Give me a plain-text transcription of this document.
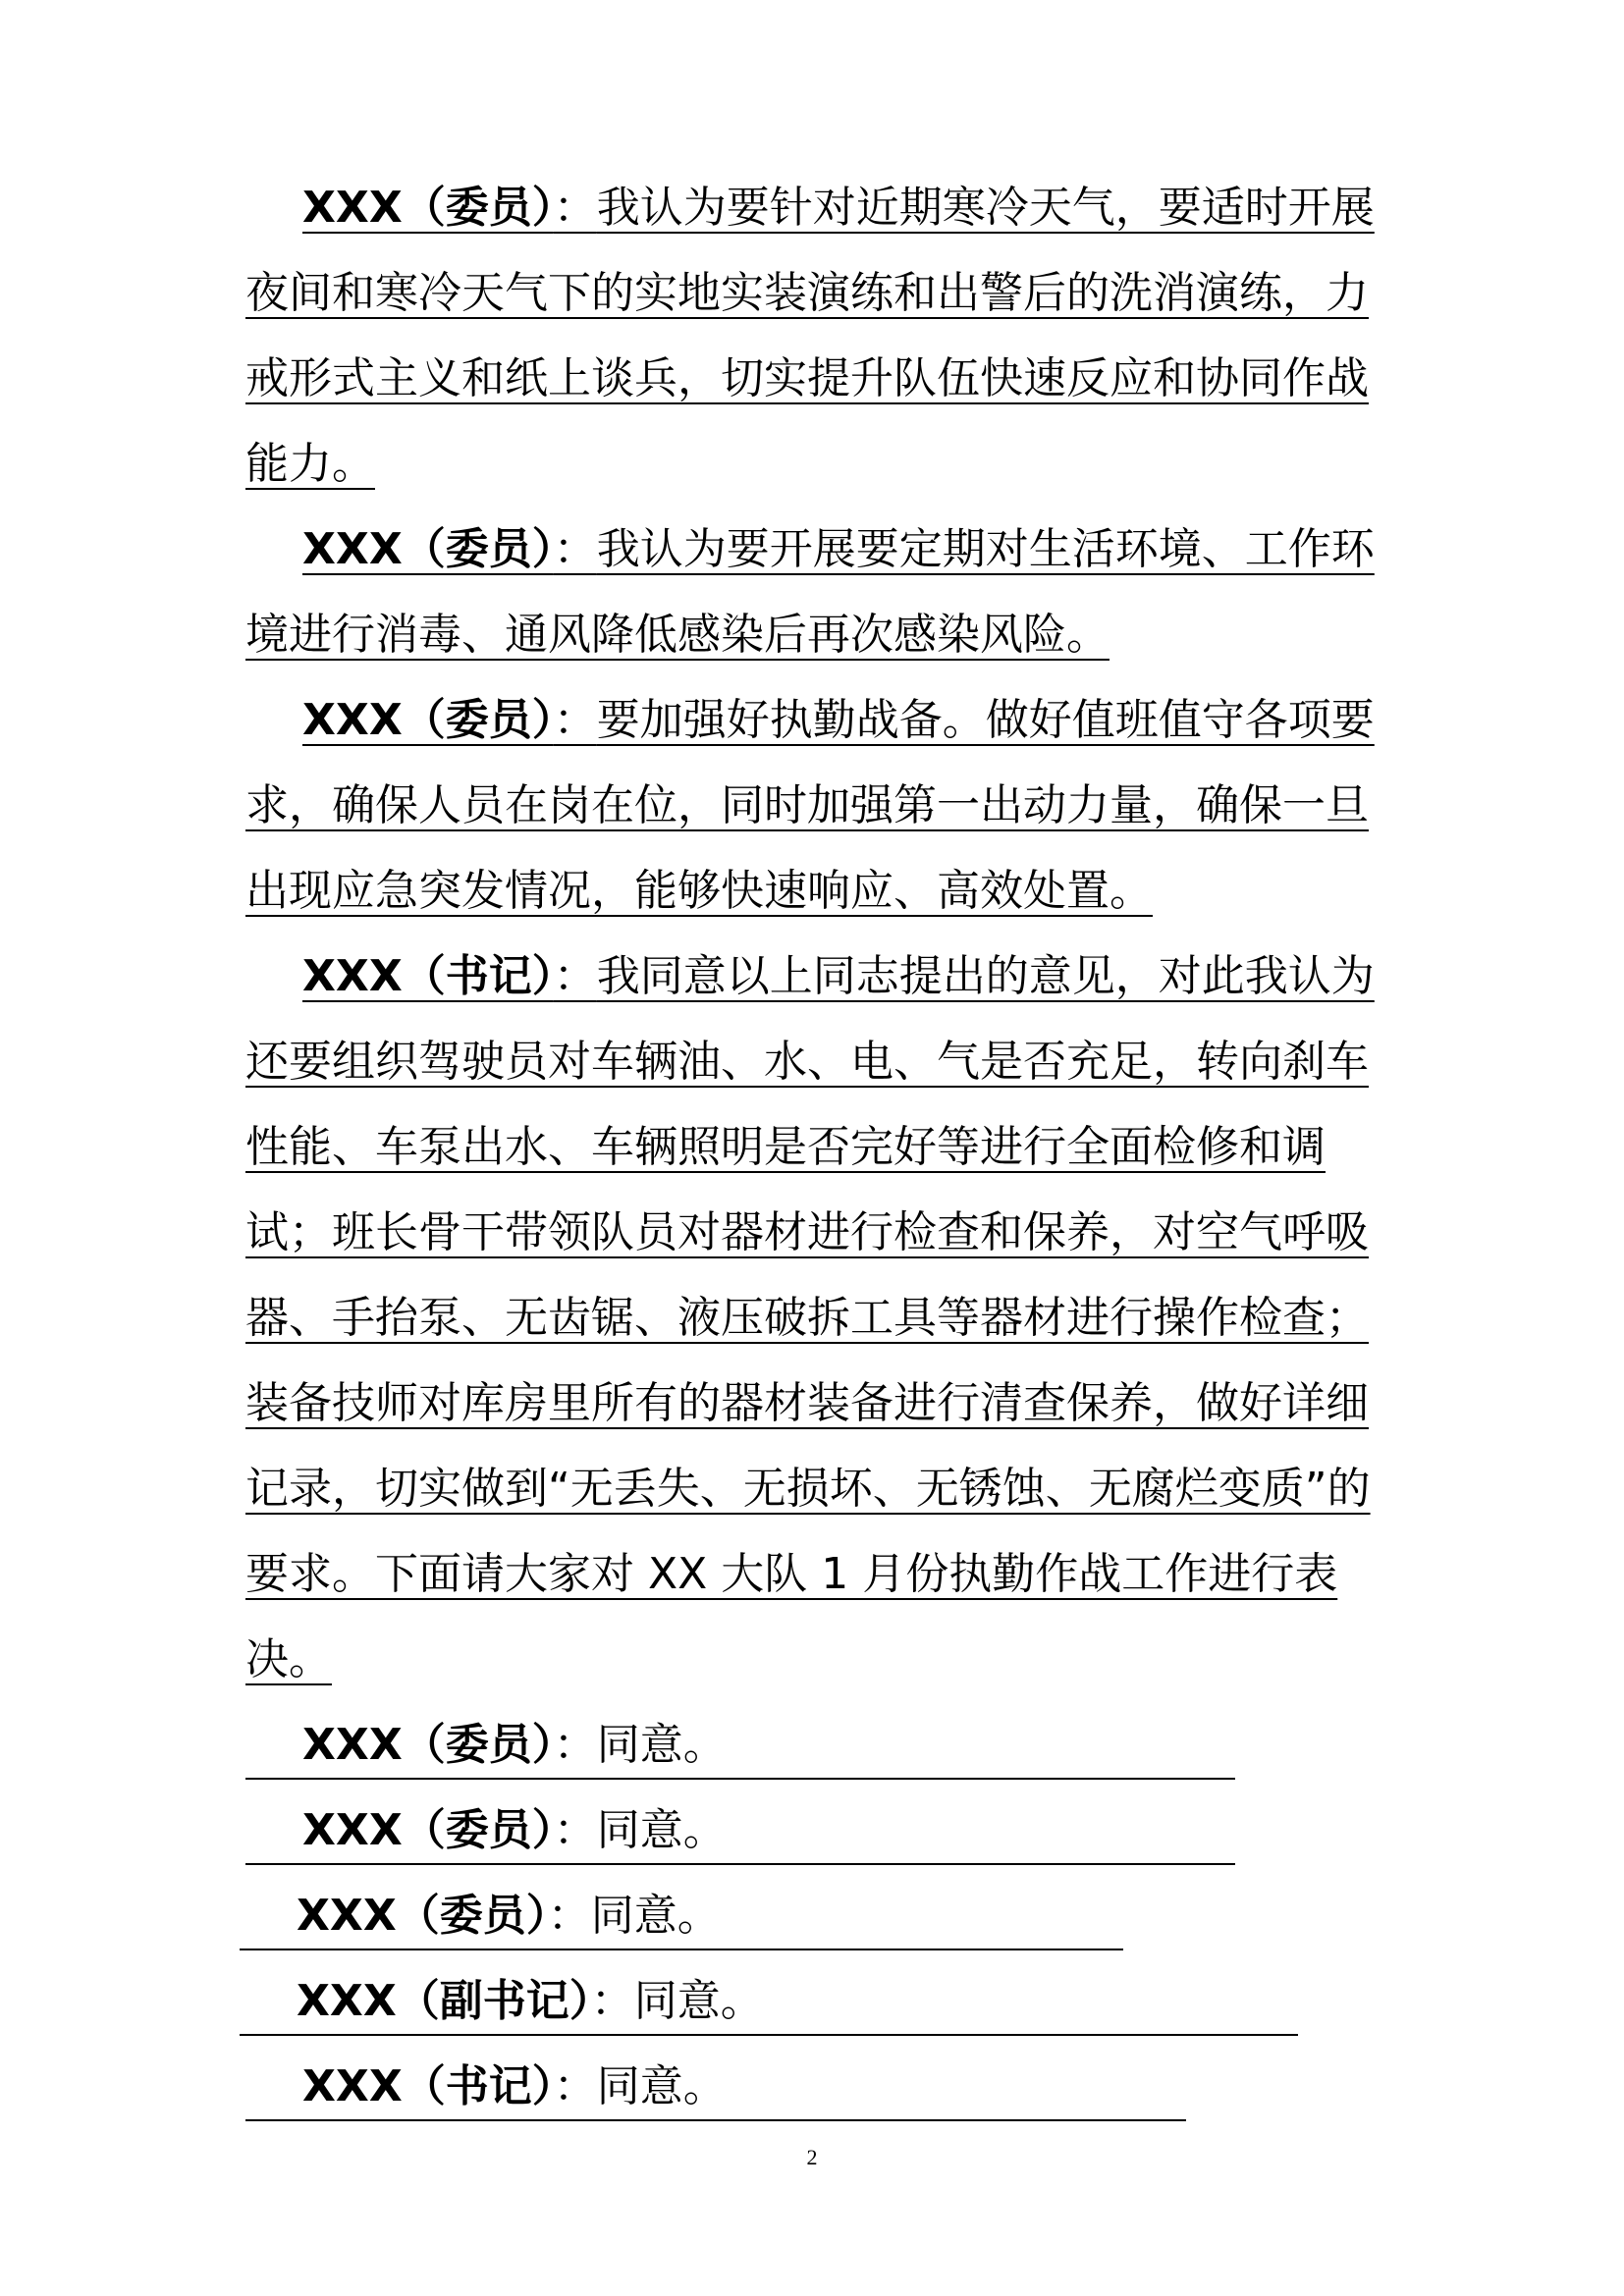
XXX（委员）：我认为要针对近期寒冷天气，要适时开展夜间和寒冷天气下的实地实装演练和出警后的洗消演练，力戒形式主义和纸上谈兵，切实提升队伍快速反应和协同作战能力。

XXX（委员）：我认为要开展要定期对生活环境、工作环境进行消毒、通风降低感染后再次感染风险。

XXX（委员）：要加强好执勤战备。做好值班值守各项要求，确保人员在岗在位，同时加强第一出动力量，确保一旦出现应急突发情况，能够快速响应、高效处置。

XXX（书记）：我同意以上同志提出的意见，对此我认为还要组织驾驶员对车辆油、水、电、气是否充足，转向刹车性能、车泵出水、车辆照明是否完好等进行全面检修和调试；班长骨干带领队员对器材进行检查和保养，对空气呼吸器、手抬泵、无齿锯、液压破拆工具等器材进行操作检查；装备技师对库房里所有的器材装备进行清查保养，做好详细记录，切实做到“无丢失、无损坏、无锈蚀、无腐烂变质”的要求。下面请大家对 XX 大队 1 月份执勤作战工作进行表决。

XXX（委员）：同意。
XXX（委员）：同意。
XXX（委员）：同意。
XXX（副书记）：同意。
XXX（书记）：同意。
2
